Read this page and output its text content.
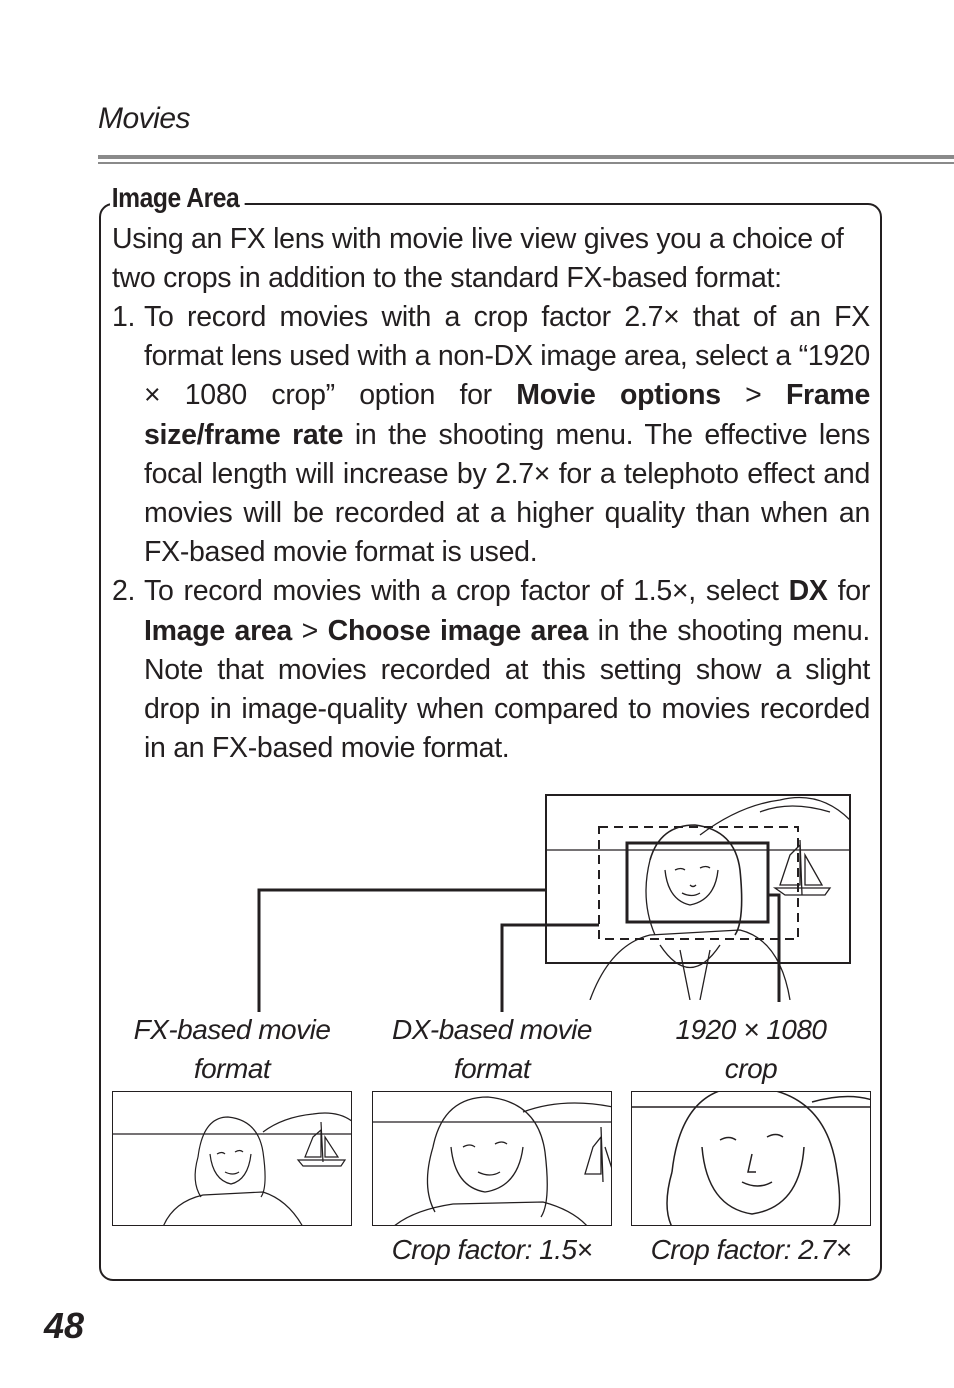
Movies
Image Area
Using an FX lens with movie live view gives you a choice of two crops in addition to the standard FX-based format:
1. To record movies with a crop factor 2.7× that of an FX format lens used with a non-DX image area, select a “1920 × 1080 crop” option for Movie options > Frame size/frame rate in the shooting menu. The effective lens focal length will increase by 2.7× for a telephoto effect and movies will be recorded at a higher quality than when an FX-based movie format is used.
2. To record movies with a crop factor of 1.5×, select DX for Image area > Choose image area in the shooting menu. Note that movies recorded at this setting show a slight drop in image-quality when compared to movies recorded in an FX-based movie format.
FX-based movie
format
DX-based movie
format
1920 × 1080
crop
Crop factor: 1.5×	Crop factor: 2.7×
48
